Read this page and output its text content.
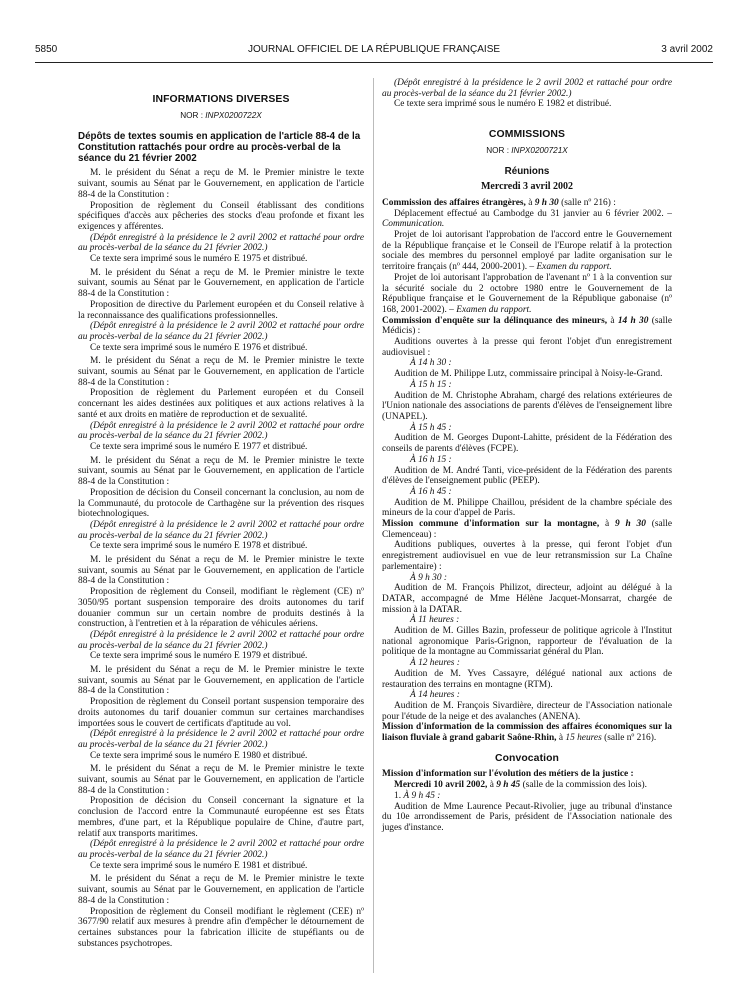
5850	JOURNAL OFFICIEL DE LA RÉPUBLIQUE FRANÇAISE	3 avril 2002
INFORMATIONS DIVERSES
NOR : INPX0200722X
Dépôts de textes soumis en application de l'article 88-4 de la Constitution rattachés pour ordre au procès-verbal de la séance du 21 février 2002

M. le président du Sénat a reçu de M. le Premier ministre le texte suivant, soumis au Sénat par le Gouvernement, en application de l'article 88-4 de la Constitution :

Proposition de règlement du Conseil établissant des conditions spécifiques d'accès aux pêcheries des stocks d'eau profonde et fixant les exigences y afférentes.

(Dépôt enregistré à la présidence le 2 avril 2002 et rattaché pour ordre au procès-verbal de la séance du 21 février 2002.)

Ce texte sera imprimé sous le numéro E 1975 et distribué.

M. le président du Sénat a reçu de M. le Premier ministre le texte suivant, soumis au Sénat par le Gouvernement, en application de l'article 88-4 de la Constitution :

Proposition de directive du Parlement européen et du Conseil relative à la reconnaissance des qualifications professionnelles.

(Dépôt enregistré à la présidence le 2 avril 2002 et rattaché pour ordre au procès-verbal de la séance du 21 février 2002.)

Ce texte sera imprimé sous le numéro E 1976 et distribué.

M. le président du Sénat a reçu de M. le Premier ministre le texte suivant, soumis au Sénat par le Gouvernement, en application de l'article 88-4 de la Constitution :

Proposition de règlement du Parlement européen et du Conseil concernant les aides destinées aux politiques et aux actions relatives à la santé et aux droits en matière de reproduction et de sexualité.

(Dépôt enregistré à la présidence le 2 avril 2002 et rattaché pour ordre au procès-verbal de la séance du 21 février 2002.)

Ce texte sera imprimé sous le numéro E 1977 et distribué.

M. le président du Sénat a reçu de M. le Premier ministre le texte suivant, soumis au Sénat par le Gouvernement, en application de l'article 88-4 de la Constitution :

Proposition de décision du Conseil concernant la conclusion, au nom de la Communauté, du protocole de Carthagène sur la prévention des risques biotechnologiques.

(Dépôt enregistré à la présidence le 2 avril 2002 et rattaché pour ordre au procès-verbal de la séance du 21 février 2002.)

Ce texte sera imprimé sous le numéro E 1978 et distribué.

M. le président du Sénat a reçu de M. le Premier ministre le texte suivant, soumis au Sénat par le Gouvernement, en application de l'article 88-4 de la Constitution :

Proposition de règlement du Conseil, modifiant le règlement (CE) nº 3050/95 portant suspension temporaire des droits autonomes du tarif douanier commun sur un certain nombre de produits destinés à la construction, à l'entretien et à la réparation de véhicules aériens.

(Dépôt enregistré à la présidence le 2 avril 2002 et rattaché pour ordre au procès-verbal de la séance du 21 février 2002.)

Ce texte sera imprimé sous le numéro E 1979 et distribué.

M. le président du Sénat a reçu de M. le Premier ministre le texte suivant, soumis au Sénat par le Gouvernement, en application de l'article 88-4 de la Constitution :

Proposition de règlement du Conseil portant suspension temporaire des droits autonomes du tarif douanier commun sur certaines marchandises importées sous le couvert de certificats d'aptitude au vol.

(Dépôt enregistré à la présidence le 2 avril 2002 et rattaché pour ordre au procès-verbal de la séance du 21 février 2002.)

Ce texte sera imprimé sous le numéro E 1980 et distribué.

M. le président du Sénat a reçu de M. le Premier ministre le texte suivant, soumis au Sénat par le Gouvernement, en application de l'article 88-4 de la Constitution :

Proposition de décision du Conseil concernant la signature et la conclusion de l'accord entre la Communauté européenne est ses États membres, d'une part, et la République populaire de Chine, d'autre part, relatif aux transports maritimes.

(Dépôt enregistré à la présidence le 2 avril 2002 et rattaché pour ordre au procès-verbal de la séance du 21 février 2002.)

Ce texte sera imprimé sous le numéro E 1981 et distribué.

M. le président du Sénat a reçu de M. le Premier ministre le texte suivant, soumis au Sénat par le Gouvernement, en application de l'article 88-4 de la Constitution :

Proposition de règlement du Conseil modifiant le règlement (CEE) nº 3677/90 relatif aux mesures à prendre afin d'empêcher le détournement de certaines substances pour la fabrication illicite de stupéfiants ou de substances psychotropes.

(Dépôt enregistré à la présidence le 2 avril 2002 et rattaché pour ordre au procès-verbal de la séance du 21 février 2002.)

Ce texte sera imprimé sous le numéro E 1982 et distribué.

COMMISSIONS
NOR : INPX0200721X
Réunions
Mercredi 3 avril 2002

Commission des affaires étrangères, à 9 h 30 (salle nº 216) :

Déplacement effectué au Cambodge du 31 janvier au 6 février 2002. – Communication.

Projet de loi autorisant l'approbation de l'accord entre le Gouvernement de la République française et le Conseil de l'Europe relatif à la protection sociale des membres du personnel employé par ladite organisation sur le territoire français (nº 444, 2000-2001). – Examen du rapport.

Projet de loi autorisant l'approbation de l'avenant nº 1 à la convention sur la sécurité sociale du 2 octobre 1980 entre le Gouvernement de la République française et le Gouvernement de la République gabonaise (nº 168, 2001-2002). – Examen du rapport.

Commission d'enquête sur la délinquance des mineurs, à 14 h 30 (salle Médicis) :

Auditions ouvertes à la presse qui feront l'objet d'un enregistrement audiovisuel :

À 14 h 30 :

Audition de M. Philippe Lutz, commissaire principal à Noisy-le-Grand.

À 15 h 15 :

Audition de M. Christophe Abraham, chargé des relations extérieures de l'Union nationale des associations de parents d'élèves de l'enseignement libre (UNAPEL).

À 15 h 45 :

Audition de M. Georges Dupont-Lahitte, président de la Fédération des conseils de parents d'élèves (FCPE).

À 16 h 15 :

Audition de M. André Tanti, vice-président de la Fédération des parents d'élèves de l'enseignement public (PEEP).

À 16 h 45 :

Audition de M. Philippe Chaillou, président de la chambre spéciale des mineurs de la cour d'appel de Paris.

Mission commune d'information sur la montagne, à 9 h 30 (salle Clemenceau) :

Auditions publiques, ouvertes à la presse, qui feront l'objet d'un enregistrement audiovisuel en vue de leur retransmission sur La Chaîne parlementaire) :

À 9 h 30 :

Audition de M. François Philizot, directeur, adjoint au délégué à la DATAR, accompagné de Mme Hélène Jacquet-Monsarrat, chargée de mission à la DATAR.

À 11 heures :

Audition de M. Gilles Bazin, professeur de politique agricole à l'Institut national agronomique Paris-Grignon, rapporteur de l'évaluation de la politique de la montagne au Commissariat général du Plan.

À 12 heures :

Audition de M. Yves Cassayre, délégué national aux actions de restauration des terrains en montagne (RTM).

À 14 heures :

Audition de M. François Sivardière, directeur de l'Association nationale pour l'étude de la neige et des avalanches (ANENA).

Mission d'information de la commission des affaires économiques sur la liaison fluviale à grand gabarit Saône-Rhin, à 15 heures (salle nº 216).

Convocation

Mission d'information sur l'évolution des métiers de la justice :

Mercredi 10 avril 2002, à 9 h 45 (salle de la commission des lois).

1. À 9 h 45 :

Audition de Mme Laurence Pecaut-Rivolier, juge au tribunal d'instance du 10e arrondissement de Paris, président de l'Association nationale des juges d'instance.
